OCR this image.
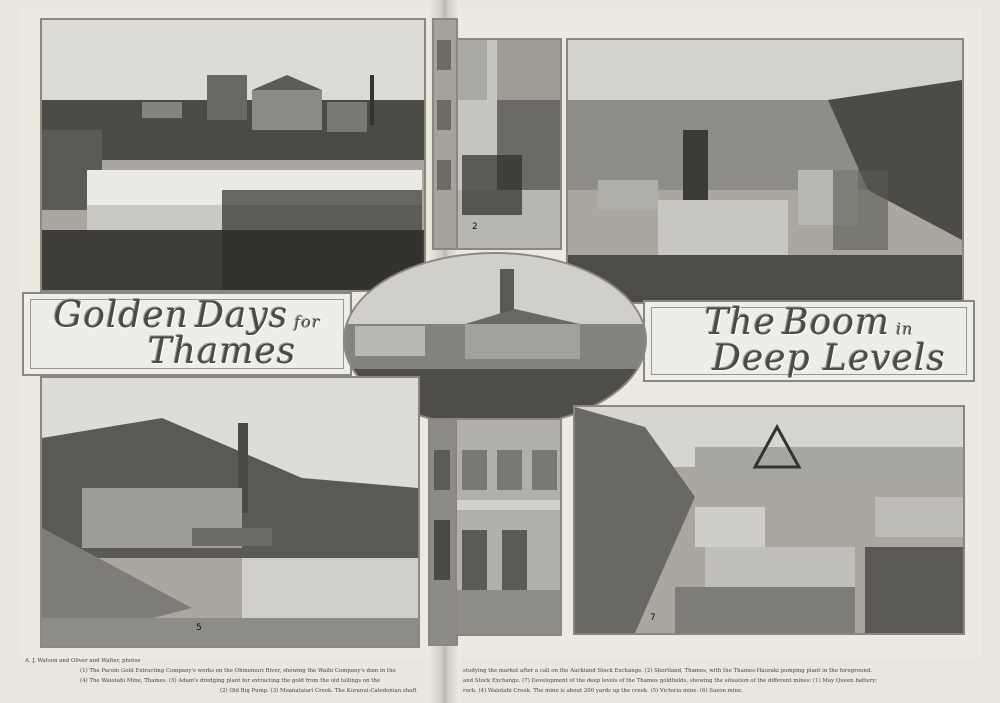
2
Golden Days for
Thames
The Boom in
Deep Levels
5
7
A. J. Watson and Oliver and Walter, photos
(1) The Pacem Gold Extracting Company's works on the Ohinemuri River, showing the Waihi Company's dam in the
(4) The Waiotahi Mine, Thames. (5) Adam's dredging plant for extracting the gold from the old tailings on the
(2) Old Big Pump. (3) Moanataiari Creek. The Kuranui-Caledonian shaft
studying the market after a call on the Auckland Stock Exchange. (2) Shortland, Thames, with the Thames-Hauraki pumping plant in the foreground.
and Stock Exchange. (7) Development of the deep levels of the Thames goldfields, showing the situation of the different mines: (1) May Queen battery;
rock. (4) Waiotahi Creek. The mine is about 200 yards up the creek. (5) Victoria mine. (6) Saxon mine.
